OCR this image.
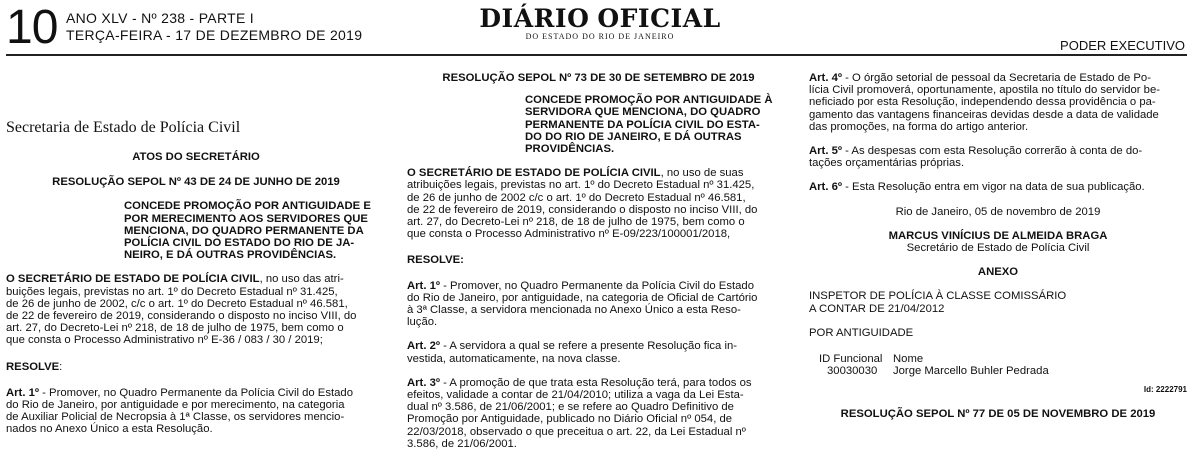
10 ANO XLV - Nº 238 - PARTE I
TERÇA-FEIRA - 17 DE DEZEMBRO DE 2019
DIÁRIO OFICIAL
DO ESTADO DO RIO DE JANEIRO
PODER EXECUTIVO
Secretaria de Estado de Polícia Civil
ATOS DO SECRETÁRIO
RESOLUÇÃO SEPOL Nº 43 DE 24 DE JUNHO DE 2019
CONCEDE PROMOÇÃO POR ANTIGUIDADE E
POR MERECIMENTO AOS SERVIDORES QUE
MENCIONA, DO QUADRO PERMANENTE DA
POLÍCIA CIVIL DO ESTADO DO RIO DE JA-
NEIRO, E DÁ OUTRAS PROVIDÊNCIAS.
O SECRETÁRIO DE ESTADO DE POLÍCIA CIVIL, no uso das atri-
buições legais, previstas no art. 1º do Decreto Estadual nº 31.425,
de 26 de junho de 2002, c/c o art. 1º do Decreto Estadual nº 46.581,
de 22 de fevereiro de 2019, considerando o disposto no inciso VIII, do
art. 27, do Decreto-Lei nº 218, de 18 de julho de 1975, bem como o
que consta o Processo Administrativo nº E-36 / 083 / 30 / 2019;
RESOLVE:
Art. 1º - Promover, no Quadro Permanente da Polícia Civil do Estado
do Rio de Janeiro, por antiguidade e por merecimento, na categoria
de Auxiliar Policial de Necropsia à 1ª Classe, os servidores mencio-
nados no Anexo Único a esta Resolução.
RESOLUÇÃO SEPOL Nº 73 DE 30 DE SETEMBRO DE 2019
CONCEDE PROMOÇÃO POR ANTIGUIDADE À
SERVIDORA QUE MENCIONA, DO QUADRO
PERMANENTE DA POLÍCIA CIVIL DO ESTA-
DO DO RIO DE JANEIRO, E DÁ OUTRAS
PROVIDÊNCIAS.
O SECRETÁRIO DE ESTADO DE POLÍCIA CIVIL, no uso de suas
atribuições legais, previstas no art. 1º do Decreto Estadual nº 31.425,
de 26 de junho de 2002 c/c o art. 1º do Decreto Estadual nº 46.581,
de 22 de fevereiro de 2019, considerando o disposto no inciso VIII, do
art. 27, do Decreto-Lei nº 218, de 18 de julho de 1975, bem como o
que consta o Processo Administrativo nº E-09/223/100001/2018,
RESOLVE:
Art. 1º - Promover, no Quadro Permanente da Polícia Civil do Estado
do Rio de Janeiro, por antiguidade, na categoria de Oficial de Cartório
à 3ª Classe, a servidora mencionada no Anexo Único a esta Reso-
lução.
Art. 2º - A servidora a qual se refere a presente Resolução fica in-
vestida, automaticamente, na nova classe.
Art. 3º - A promoção de que trata esta Resolução terá, para todos os
efeitos, validade a contar de 21/04/2010; utiliza a vaga da Lei Esta-
dual nº 3.586, de 21/06/2001; e se refere ao Quadro Definitivo de
Promoção por Antiguidade, publicado no Diário Oficial nº 054, de
22/03/2018, observado o que preceitua o art. 22, da Lei Estadual nº
3.586, de 21/06/2001.
Art. 4º - O órgão setorial de pessoal da Secretaria de Estado de Po-
lícia Civil promoverá, oportunamente, apostila no título do servidor be-
neficiado por esta Resolução, independendo dessa providência o pa-
gamento das vantagens financeiras devidas desde a data de validade
das promoções, na forma do artigo anterior.
Art. 5º - As despesas com esta Resolução correrão à conta de do-
tações orçamentárias próprias.
Art. 6º - Esta Resolução entra em vigor na data de sua publicação.
Rio de Janeiro, 05 de novembro de 2019
MARCUS VINÍCIUS DE ALMEIDA BRAGA
Secretário de Estado de Polícia Civil
ANEXO
INSPETOR DE POLÍCIA À CLASSE COMISSÁRIO
A CONTAR DE 21/04/2012
POR ANTIGUIDADE
ID Funcional Nome
30030030	Jorge Marcello Buhler Pedrada
Id: 2222791
RESOLUÇÃO SEPOL Nº 77 DE 05 DE NOVEMBRO DE 2019
